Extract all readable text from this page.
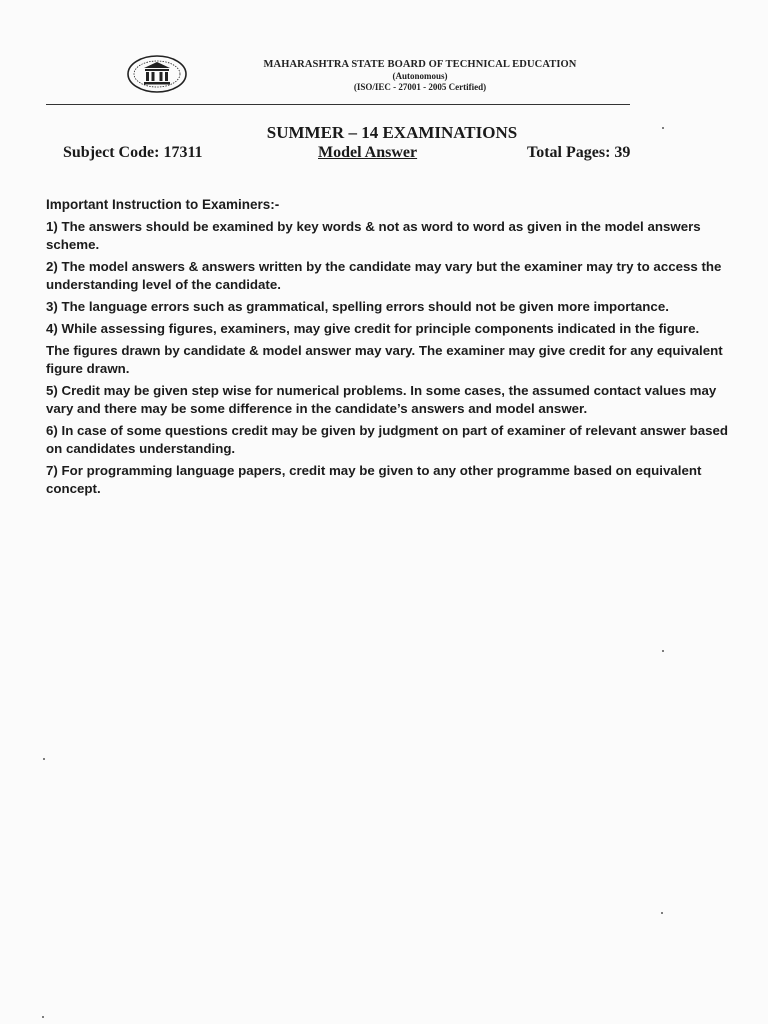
MAHARASHTRA STATE BOARD OF TECHNICAL EDUCATION
(Autonomous)
(ISO/IEC - 27001 - 2005 Certified)
SUMMER – 14 EXAMINATIONS
Subject Code: 17311	Model Answer	Total Pages: 39

Important Instruction to Examiners:-

1) The answers should be examined by key words & not as word to word as given in the model answers scheme.

2) The model answers & answers written by the candidate may vary but the examiner may try to access the understanding level of the candidate.

3) The language errors such as grammatical, spelling errors should not be given more importance.

4) While assessing figures, examiners, may give credit for principle components indicated in the figure.

The figures drawn by candidate & model answer may vary. The examiner may give credit for any equivalent figure drawn.

5) Credit may be given step wise for numerical problems. In some cases, the assumed contact values may vary and there may be some difference in the candidate’s answers and model answer.

6) In case of some questions credit may be given by judgment on part of examiner of relevant answer based on candidates understanding.

7) For programming language papers, credit may be given to any other programme based on equivalent concept.
